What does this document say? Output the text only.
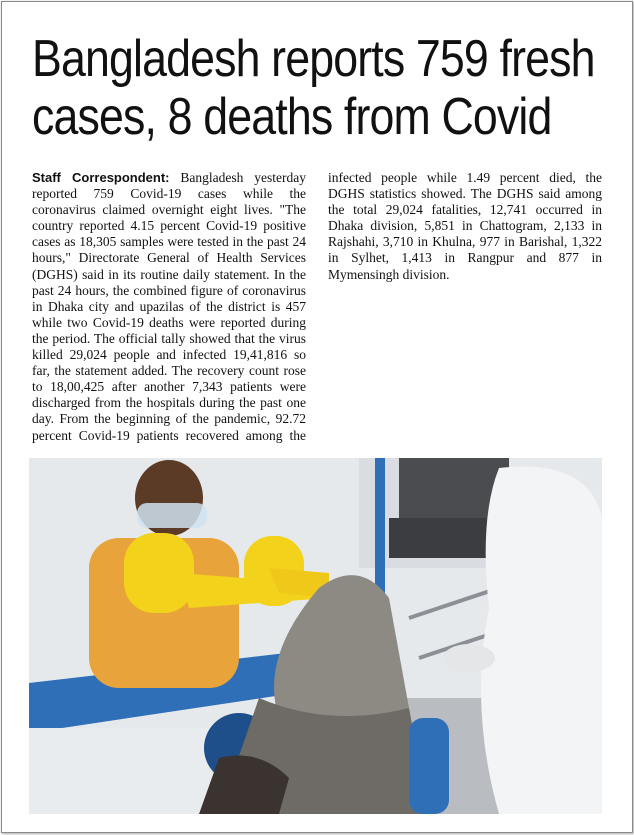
Bangladesh reports 759 fresh
cases, 8 deaths from Covid
Staff Correspondent: Bangladesh yesterday reported 759 Covid-19 cases while the coronavirus claimed overnight eight lives. "The country reported 4.15 percent Covid-19 positive cases as 18,305 samples were tested in the past 24 hours," Directorate General of Health Services (DGHS) said in its routine daily statement. In the past 24 hours, the combined figure of coronavirus in Dhaka city and upazilas of the district is 457 while two Covid-19 deaths were reported during the period. The official tally showed that the virus killed 29,024 people and infected 19,41,816 so far, the statement added. The recovery count rose to 18,00,425 after another 7,343 patients were discharged from the hospitals during the past one day. From the beginning of the pandemic, 92.72 percent Covid-19 patients recovered among the infected people while 1.49 percent died, the DGHS statistics showed. The DGHS said among the total 29,024 fatalities, 12,741 occurred in Dhaka division, 5,851 in Chattogram, 2,133 in Rajshahi, 3,710 in Khulna, 977 in Barishal, 1,322 in Sylhet, 1,413 in Rangpur and 877 in Mymensingh division.
